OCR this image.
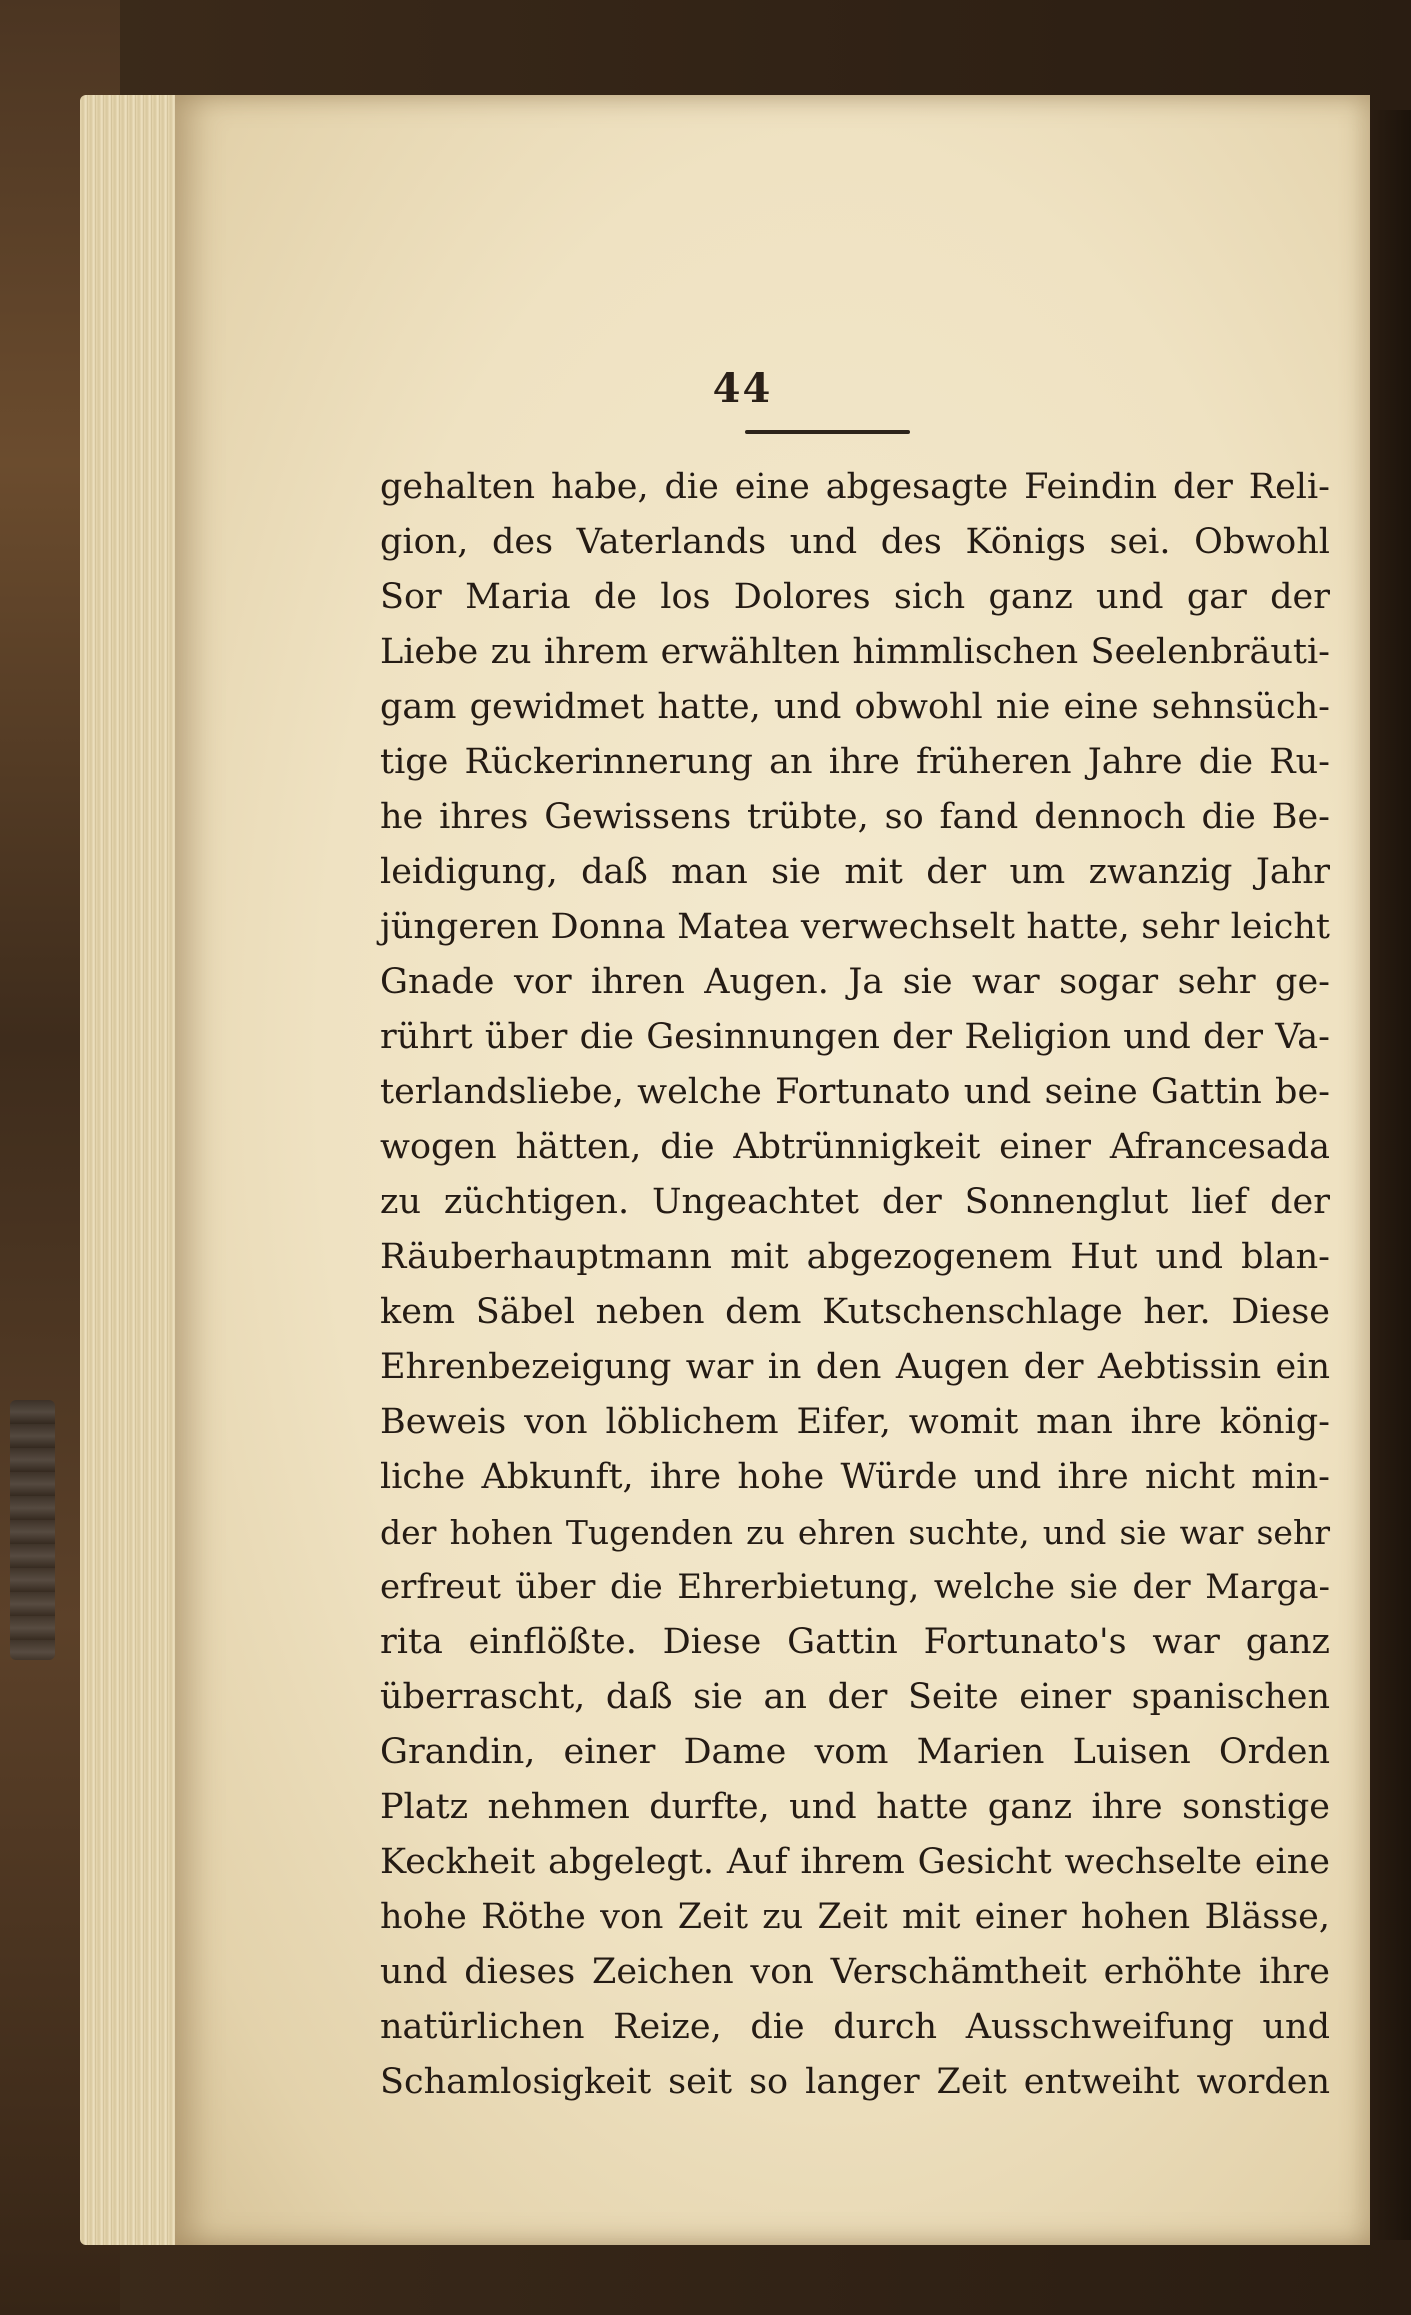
44
gehalten habe, die eine abgesagte Feindin der Reli-
gion, des Vaterlands und des Königs sei. Obwohl
Sor Maria de los Dolores sich ganz und gar der
Liebe zu ihrem erwählten himmlischen Seelenbräuti-
gam gewidmet hatte, und obwohl nie eine sehnsüch-
tige Rückerinnerung an ihre früheren Jahre die Ru-
he ihres Gewissens trübte, so fand dennoch die Be-
leidigung, daß man sie mit der um zwanzig Jahr
jüngeren Donna Matea verwechselt hatte, sehr leicht
Gnade vor ihren Augen. Ja sie war sogar sehr ge-
rührt über die Gesinnungen der Religion und der Va-
terlandsliebe, welche Fortunato und seine Gattin be-
wogen hätten, die Abtrünnigkeit einer Afrancesada
zu züchtigen. Ungeachtet der Sonnenglut lief der
Räuberhauptmann mit abgezogenem Hut und blan-
kem Säbel neben dem Kutschenschlage her. Diese
Ehrenbezeigung war in den Augen der Aebtissin ein
Beweis von löblichem Eifer, womit man ihre könig-
liche Abkunft, ihre hohe Würde und ihre nicht min-
der hohen Tugenden zu ehren suchte, und sie war sehr
erfreut über die Ehrerbietung, welche sie der Marga-
rita einflößte. Diese Gattin Fortunato's war ganz
überrascht, daß sie an der Seite einer spanischen
Grandin, einer Dame vom Marien Luisen Orden
Platz nehmen durfte, und hatte ganz ihre sonstige
Keckheit abgelegt. Auf ihrem Gesicht wechselte eine
hohe Röthe von Zeit zu Zeit mit einer hohen Blässe,
und dieses Zeichen von Verschämtheit erhöhte ihre
natürlichen Reize, die durch Ausschweifung und
Schamlosigkeit seit so langer Zeit entweiht worden
